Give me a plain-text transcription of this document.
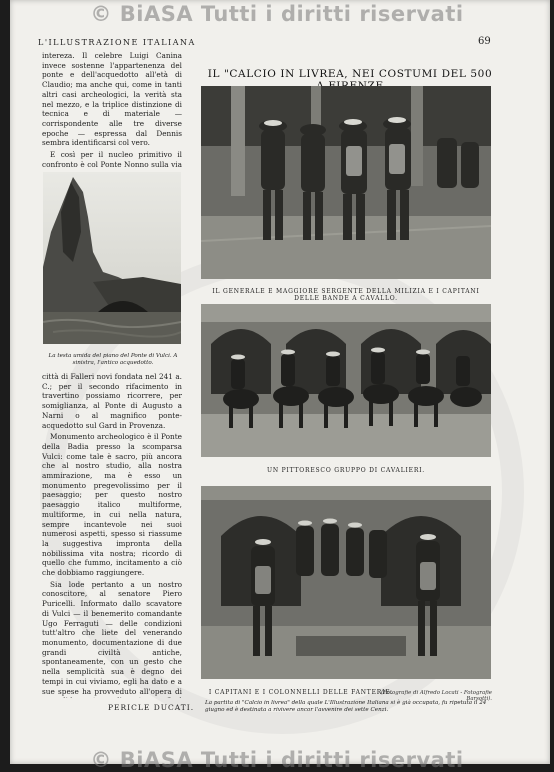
© BiASA Tutti i diritti riservati
© BiASA Tutti i diritti riservati
L'ILLUSTRAZIONE ITALIANA	69

intereza. Il celebre Luigi Canina invece sostenne l'appartenenza del ponte e dell'acquedotto all'età di Claudio; ma anche qui, come in tanti altri casi archeologici, la verità sta nel mezzo, e la triplice distinzione di tecnica e di materiale — corrispondente alle tre diverse epoche — espressa dal Dennis sembra identificarsi col vero.

E così per il nucleo primitivo il confronto è col Ponte Nonno sulla via

La testa umida del piano del Ponte di Vulci. A sinistra, l'antico acquedotto.

città di Falleri novi fondata nel 241 a. C.; per il secondo rifacimento in travertino possiamo ricorrere, per somiglianza, al Ponte di Augusto a Narni o al magnifico ponte-acquedotto sul Gard in Provenza.

Monumento archeologico è il Ponte della Badia presso la scomparsa Vulci: come tale è sacro, più ancora che al nostro studio, alla nostra ammirazione, ma è esso un monumento pregevolissimo per il paesaggio; per questo nostro paesaggio italico multiforme, multiforme, in cui nella natura, sempre incantevole nei suoi numerosi aspetti, spesso si riassume la suggestiva impronta della nobilissima vita nostra; ricordo di quello che fummo, incitamento a ciò che dobbiamo raggiungere.

Sia lode pertanto a un nostro conoscitore, al senatore Piero Puricelli. Informato dallo scavatore di Vulci — il benemerito comandante Ugo Ferraguti — delle condizioni tutt'altro che liete del venerando monumento, documentazione di due grandi civiltà antiche, spontaneamente, con un gesto che nella semplicità sua è degno dei tempi in cui viviamo, egli ha dato e a sue spese ha provveduto all'opera di

PERICLE DUCATI.
IL "CALCIO IN LIVREA, NEI COSTUMI DEL 500
IL GENERALE E MAGGIORE SERGENTE DELLA MILIZIA E I CAPITANI DELLE BANDE A CAVALLO.
UN PITTORESCO GRUPPO DI CAVALIERI.
I CAPITANI E I COLONNELLI DELLE FANTERIE.
(Fotografie di Alfredo Locati - Fotografie Barsotti).
La partita di "Calcio in livrea" della quale L'Illustrazione Italiana si è già occupata, fu ripetuta il 24 giugno ed è destinata a rivivere ancor l'avvenire dei sette Cenzi.
